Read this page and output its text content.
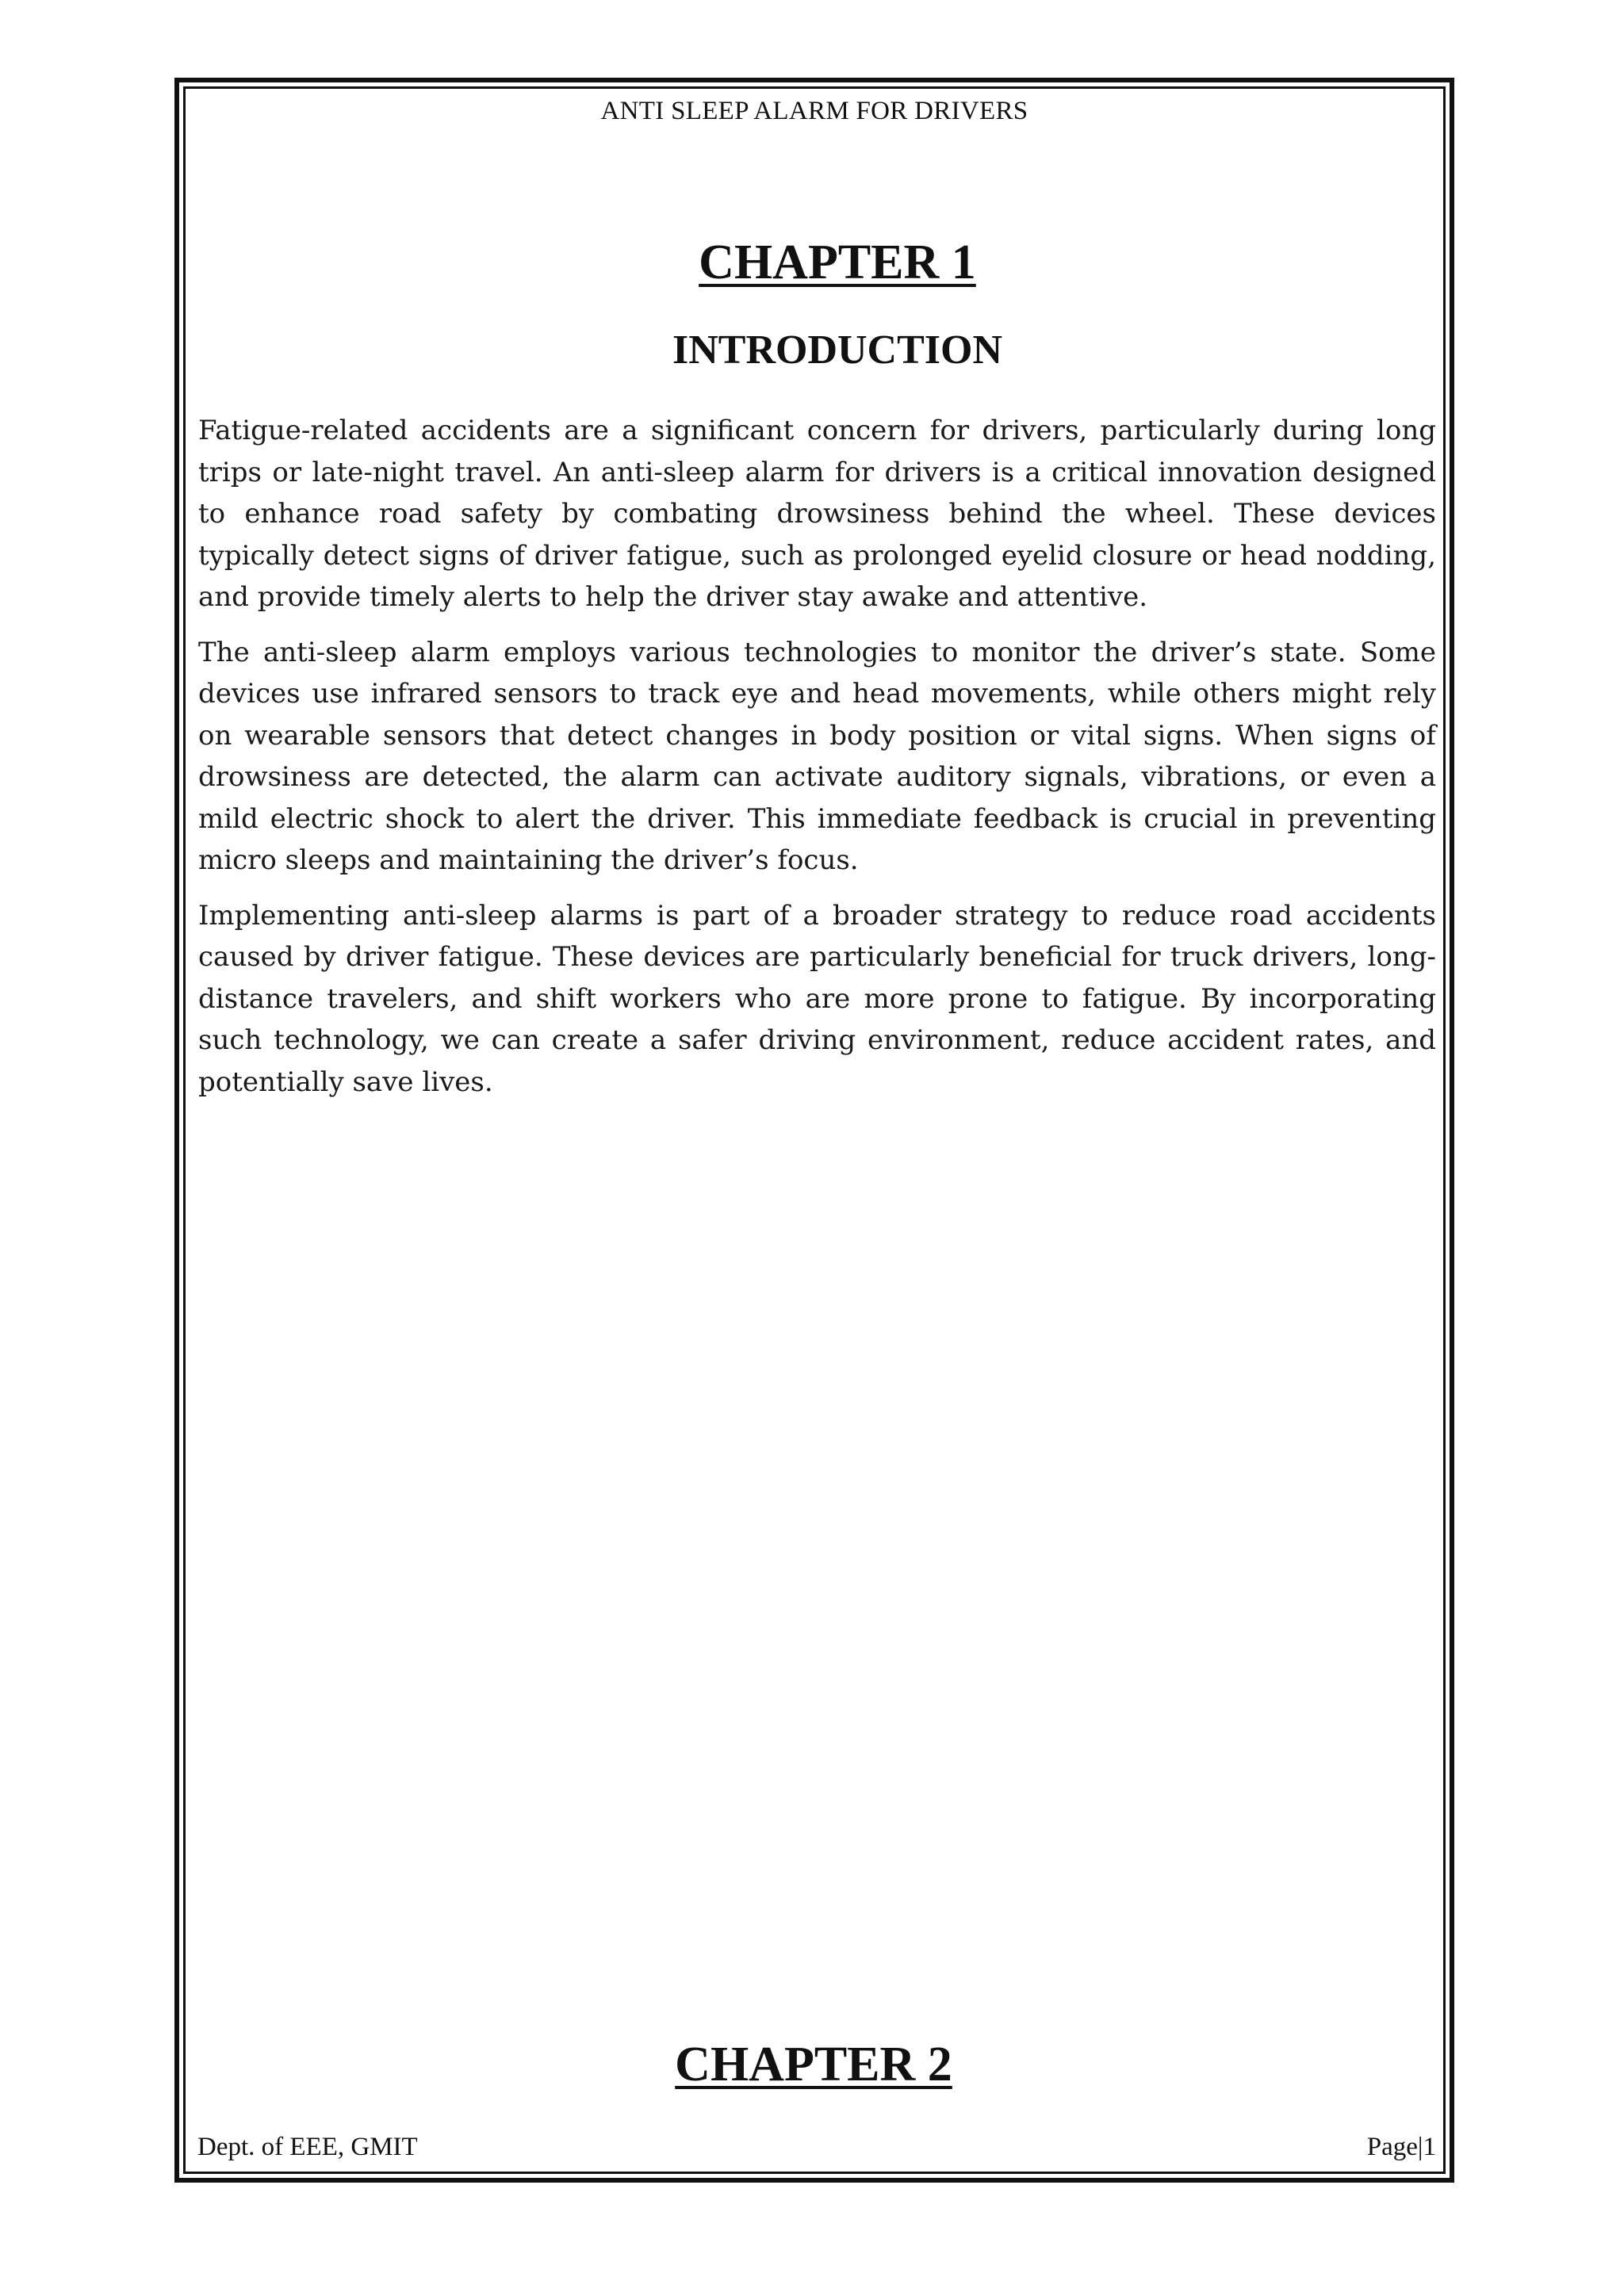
ANTI SLEEP ALARM FOR DRIVERS
CHAPTER 1
INTRODUCTION

Fatigue-related accidents are a significant concern for drivers, particularly during long trips or late-night travel. An anti-sleep alarm for drivers is a critical innovation designed to enhance road safety by combating drowsiness behind the wheel. These devices typically detect signs of driver fatigue, such as prolonged eyelid closure or head nodding, and provide timely alerts to help the driver stay awake and attentive.

The anti-sleep alarm employs various technologies to monitor the driver’s state. Some devices use infrared sensors to track eye and head movements, while others might rely on wearable sensors that detect changes in body position or vital signs. When signs of drowsiness are detected, the alarm can activate auditory signals, vibrations, or even a mild electric shock to alert the driver. This immediate feedback is crucial in preventing micro sleeps and maintaining the driver’s focus.

Implementing anti-sleep alarms is part of a broader strategy to reduce road accidents caused by driver fatigue. These devices are particularly beneficial for truck drivers, long-distance travelers, and shift workers who are more prone to fatigue. By incorporating such technology, we can create a safer driving environment, reduce accident rates, and potentially save lives.

CHAPTER 2
Dept. of EEE, GMIT	Page|1
